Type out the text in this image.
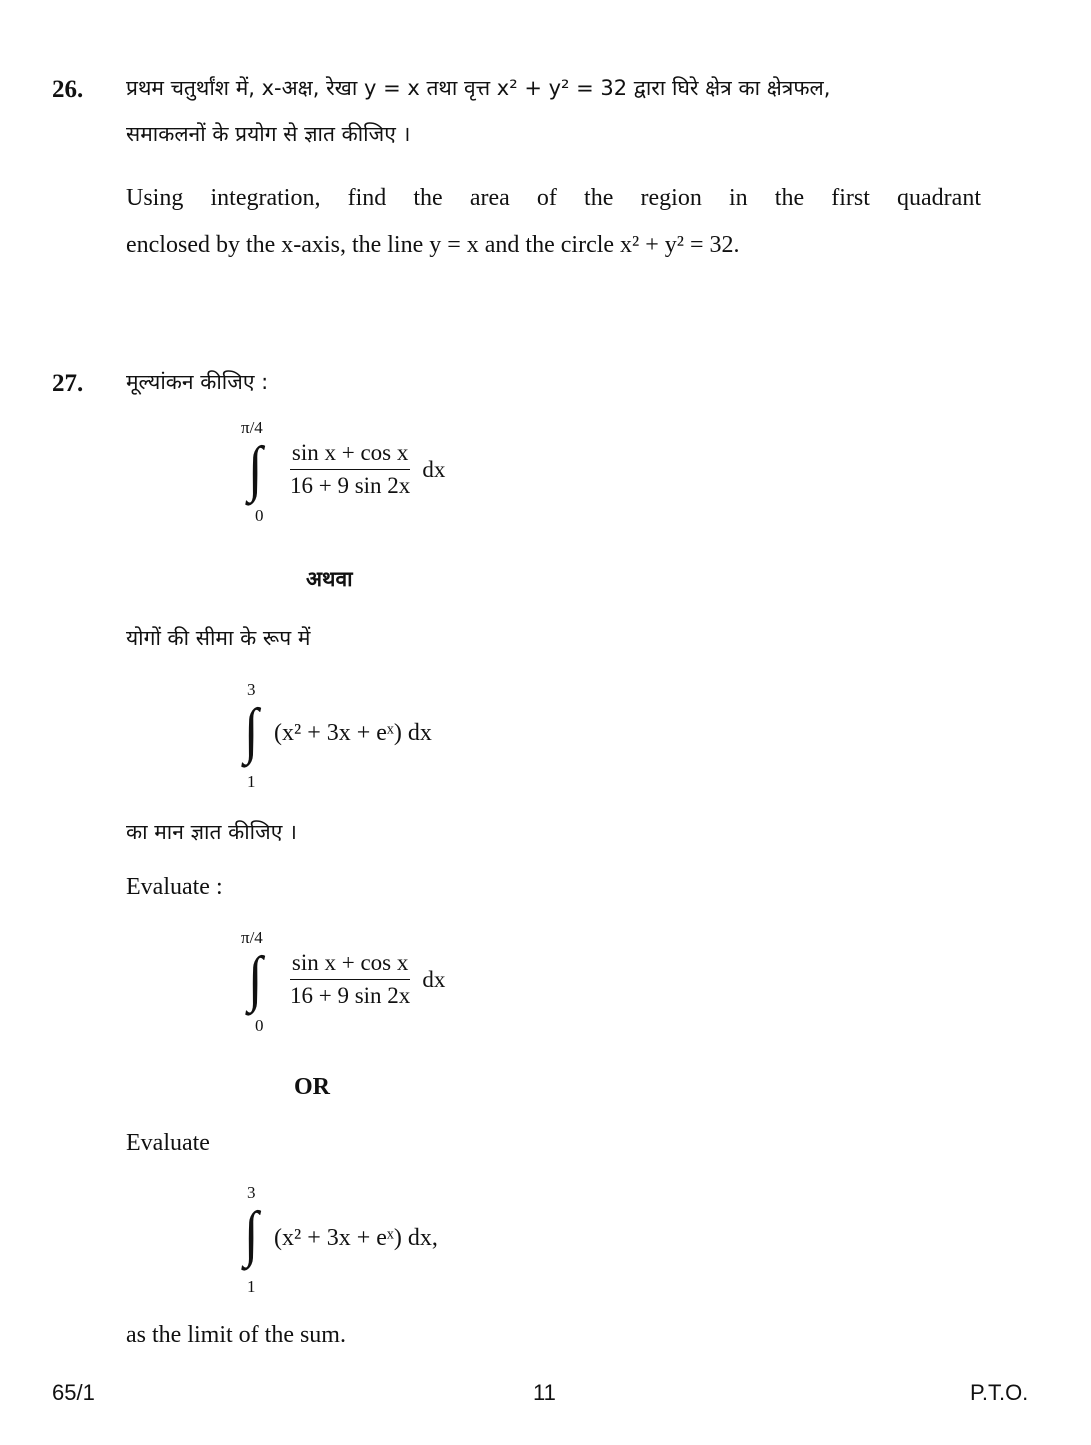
26. प्रथम चतुर्थांश में, x-अक्ष, रेखा y = x तथा वृत्त x² + y² = 32 द्वारा घिरे क्षेत्र का क्षेत्रफल,
समाकलनों के प्रयोग से ज्ञात कीजिए ।
Using integration, find the area of the region in the first quadrant
enclosed by the x-axis, the line y = x and the circle x² + y² = 32.
27. मूल्यांकन कीजिए :
π/4
∫
0
$\frac{\text{sin x + cos x}}{16 + 9 \sin 2x}$ dx
अथवा
योगों की सीमा के रूप में
3
∫
1
(x² + 3x + eˣ) dx
का मान ज्ञात कीजिए ।
Evaluate :
π/4
∫
0
$\frac{\text{sin x + cos x}}{16 + 9 \sin 2x}$ dx
OR
Evaluate
3
∫
1
(x² + 3x + eˣ) dx,
as the limit of the sum.
65/1	11	P.T.O.
